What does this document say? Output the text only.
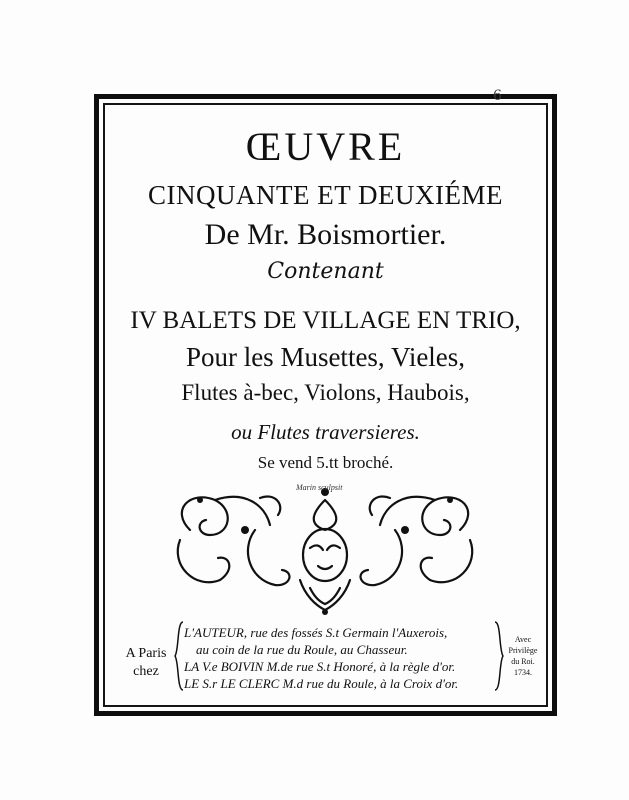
6
ŒUVRE
CINQUANTE ET DEUXIÉME
De Mr. Boismortier.
Contenant
IV BALETS DE VILLAGE EN TRIO,
Pour les Musettes, Vieles,
Flutes à-bec, Violons, Haubois,
ou Flutes traversieres.
Se vend 5.tt broché.
Marin sculpsit
A Paris
chez
L'AUTEUR, rue des fossés S.t Germain l'Auxerois,
au coin de la rue du Roule, au Chasseur.
LA V.e BOIVIN M.de rue S.t Honoré, à la règle d'or.
LE S.r LE CLERC M.d rue du Roule, à la Croix d'or.
Avec
Privilège
du Roi.
1734.
